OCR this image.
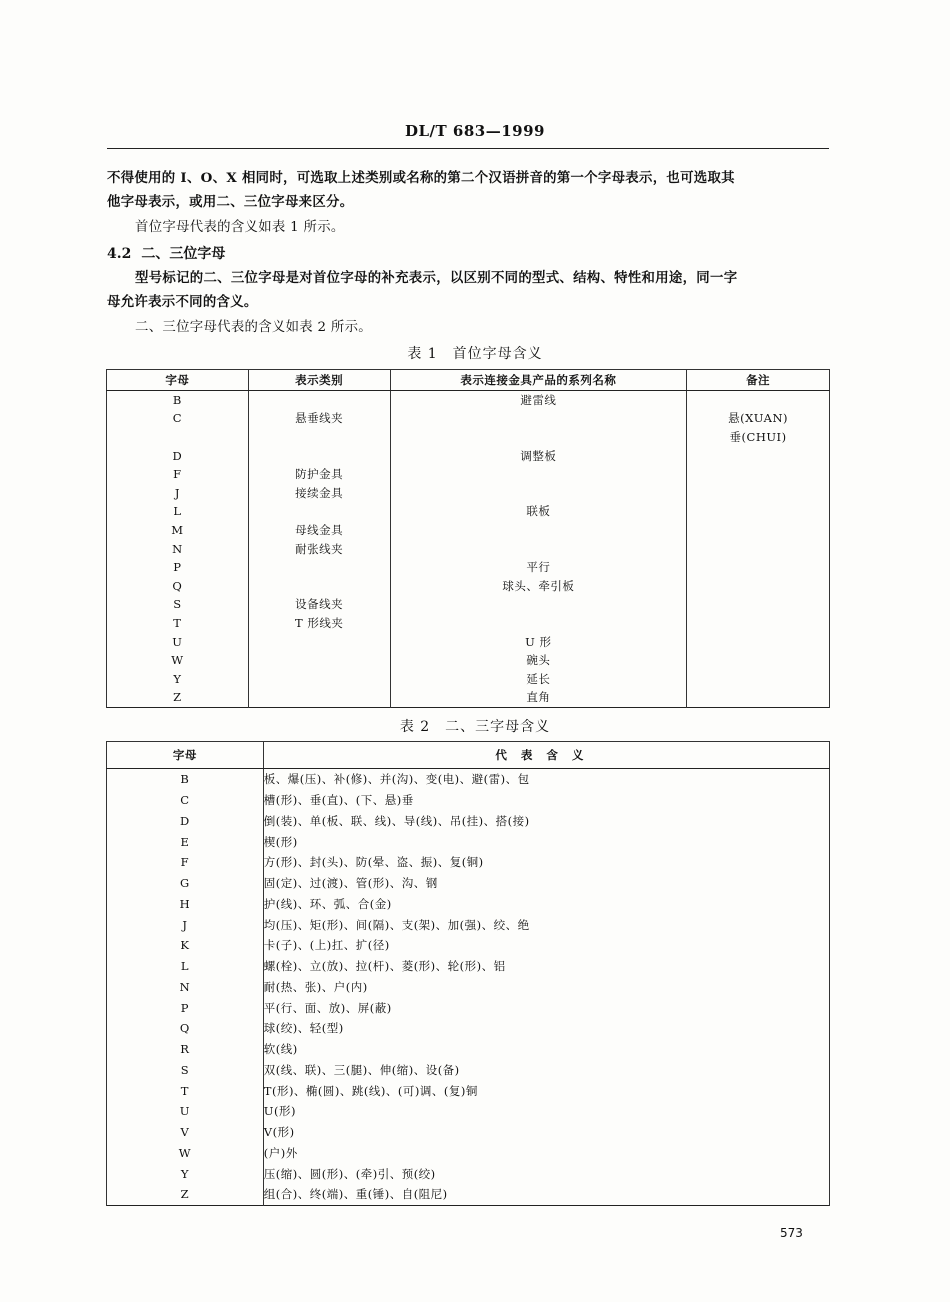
DL/T 683—1999
不得使用的 I、O、X 相同时，可选取上述类别或名称的第二个汉语拼音的第一个字母表示，也可选取其
他字母表示，或用二、三位字母来区分。
首位字母代表的含义如表 1 所示。
4.2 二、三位字母
型号标记的二、三位字母是对首位字母的补充表示，以区别不同的型式、结构、特性和用途，同一字
母允许表示不同的含义。
二、三位字母代表的含义如表 2 所示。
表 1　首位字母含义
字母	表示类别	表示连接金具产品的系列名称	备注
B		避雷线	
C	悬垂线夹		悬(XUAN)
			垂(CHUI)
D		调整板	
F	防护金具		
J	接续金具		
L		联板	
M	母线金具		
N	耐张线夹		
P		平行	
Q		球头、牵引板	
S	设备线夹		
T	T 形线夹		
U		U 形	
W		碗头	
Y		延长	
Z		直角	
表 2　二、三字母含义
字母	代表含义
B	板、爆(压)、补(修)、并(沟)、变(电)、避(雷)、包
C	槽(形)、垂(直)、(下、悬)垂
D	倒(装)、单(板、联、线)、导(线)、吊(挂)、搭(接)
E	楔(形)
F	方(形)、封(头)、防(晕、盗、振)、复(铜)
G	固(定)、过(渡)、管(形)、沟、钢
H	护(线)、环、弧、合(金)
J	均(压)、矩(形)、间(隔)、支(架)、加(强)、绞、绝
K	卡(子)、(上)扛、扩(径)
L	螺(栓)、立(放)、拉(杆)、菱(形)、轮(形)、铝
N	耐(热、张)、户(内)
P	平(行、面、放)、屏(蔽)
Q	球(绞)、轻(型)
R	软(线)
S	双(线、联)、三(腿)、伸(缩)、设(备)
T	T(形)、椭(圆)、跳(线)、(可)调、(复)铜
U	U(形)
V	V(形)
W	(户)外
Y	压(缩)、圆(形)、(牵)引、预(绞)
Z	组(合)、终(端)、重(锤)、自(阻尼)
573
